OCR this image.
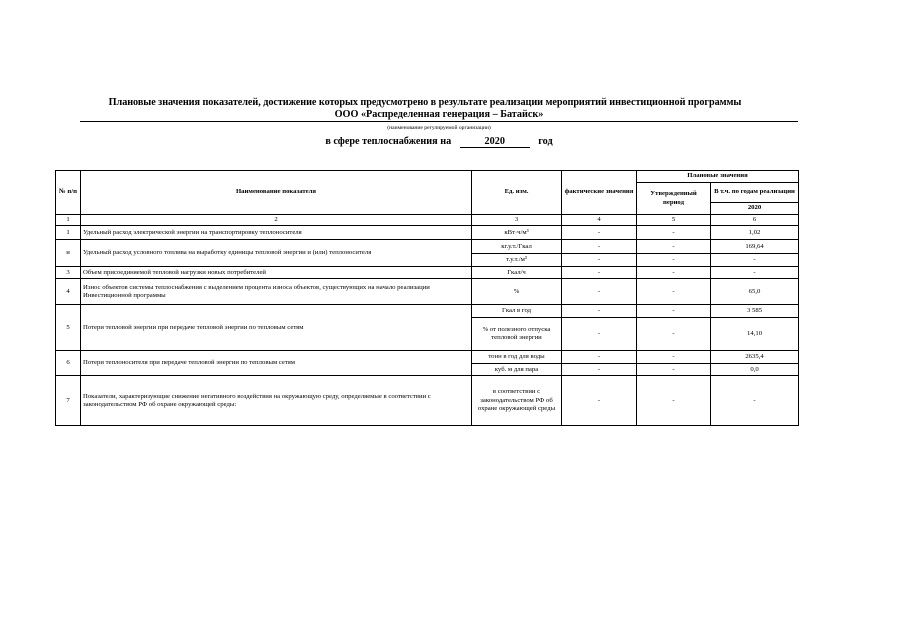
Плановые значения показателей, достижение которых предусмотрено в результате реализации мероприятий инвестиционной программы
ООО «Распределенная генерация – Батайск»
(наименование регулируемой организации)
в сфере теплоснабжения на	2020	год
№ п/п	Наименование показателя	Ед. изм.	фактические значения	Плановые значения	
				Утвержденный период	В т.ч. по годам реализации
					2020
1	2	3	4	5	6
1	Удельный расход электрической энергии на транспортировку теплоносителя	кВт·ч/м³	-	-	1,02
и	Удельный расход условного топлива на выработку единицы тепловой энергии и (или) теплоносителя	кг.у.т./Гкал	-	-	169,64
		т.у.т./м³	-	-	-
3	Объем присоединяемой тепловой нагрузки новых потребителей	Гкал/ч	-	-	-
4	Износ объектов системы теплоснабжения с выделением процента износа объектов, существующих на начало реализации Инвестиционной программы	%	-	-	65,0
5	Потери тепловой энергии при передаче тепловой энергии по тепловым сетям	Гкал в год	-	-	3 585
		% от полезного отпуска тепловой энергии	-	-	14,10
6	Потери теплоносителя при передаче тепловой энергии по тепловым сетям	тонн в год для воды	-	-	2635,4
		куб. м для пара	-	-	0,0
7	Показатели, характеризующие снижение негативного воздействия на окружающую среду, определяемые в соответствии с законодательством РФ об охране окружающей среды:	в соответствии с законодательством РФ об охране окружающей среды	-	-	-
